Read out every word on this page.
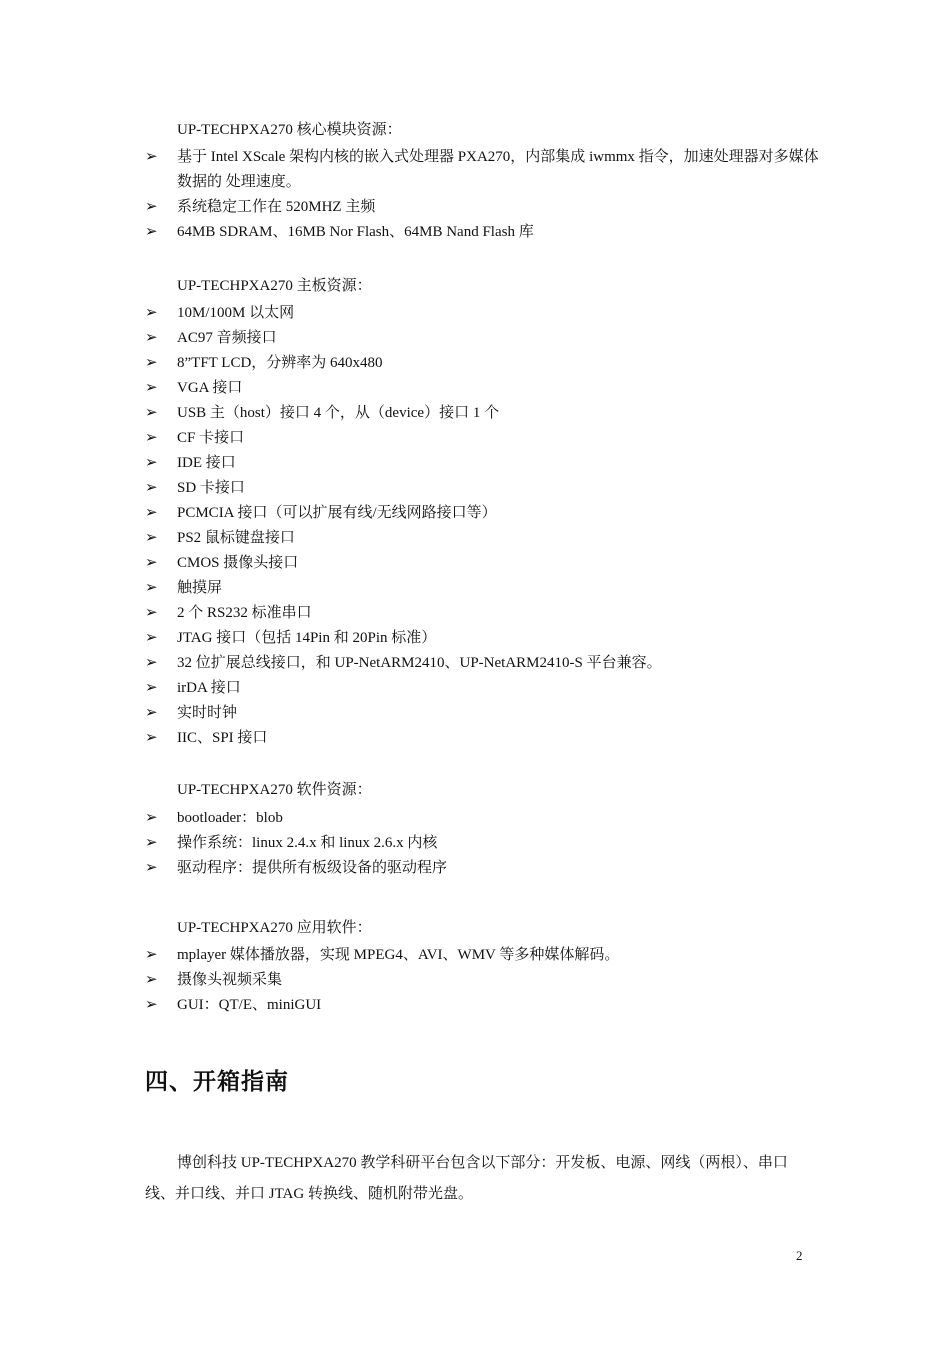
UP-TECHPXA270 核心模块资源：
➢	基于 Intel XScale 架构内核的嵌入式处理器 PXA270，内部集成 iwmmx 指令，加速处理器对多媒体数据的 处理速度。
➢	系统稳定工作在 520MHZ 主频
➢	64MB SDRAM、16MB Nor Flash、64MB Nand Flash 库
UP-TECHPXA270 主板资源：
➢	10M/100M 以太网
➢	AC97 音频接口
➢	8”TFT LCD，分辨率为 640x480
➢	VGA 接口
➢	USB 主（host）接口 4 个，从（device）接口 1 个
➢	CF 卡接口
➢	IDE 接口
➢	SD 卡接口
➢	PCMCIA 接口（可以扩展有线/无线网路接口等）
➢	PS2 鼠标键盘接口
➢	CMOS 摄像头接口
➢	触摸屏
➢	2 个 RS232 标准串口
➢	JTAG 接口（包括 14Pin 和 20Pin 标准）
➢	32 位扩展总线接口，和 UP-NetARM2410、UP-NetARM2410-S 平台兼容。
➢	irDA 接口
➢	实时时钟
➢	IIC、SPI 接口
UP-TECHPXA270 软件资源：
➢	bootloader：blob
➢	操作系统：linux 2.4.x 和 linux 2.6.x 内核
➢	驱动程序：提供所有板级设备的驱动程序
UP-TECHPXA270 应用软件：
➢	mplayer 媒体播放器，实现 MPEG4、AVI、WMV 等多种媒体解码。
➢	摄像头视频采集
➢	GUI：QT/E、miniGUI
四、开箱指南
博创科技 UP-TECHPXA270 教学科研平台包含以下部分：开发板、电源、网线（两根）、串口线、并口线、并口 JTAG 转换线、随机附带光盘。
2
